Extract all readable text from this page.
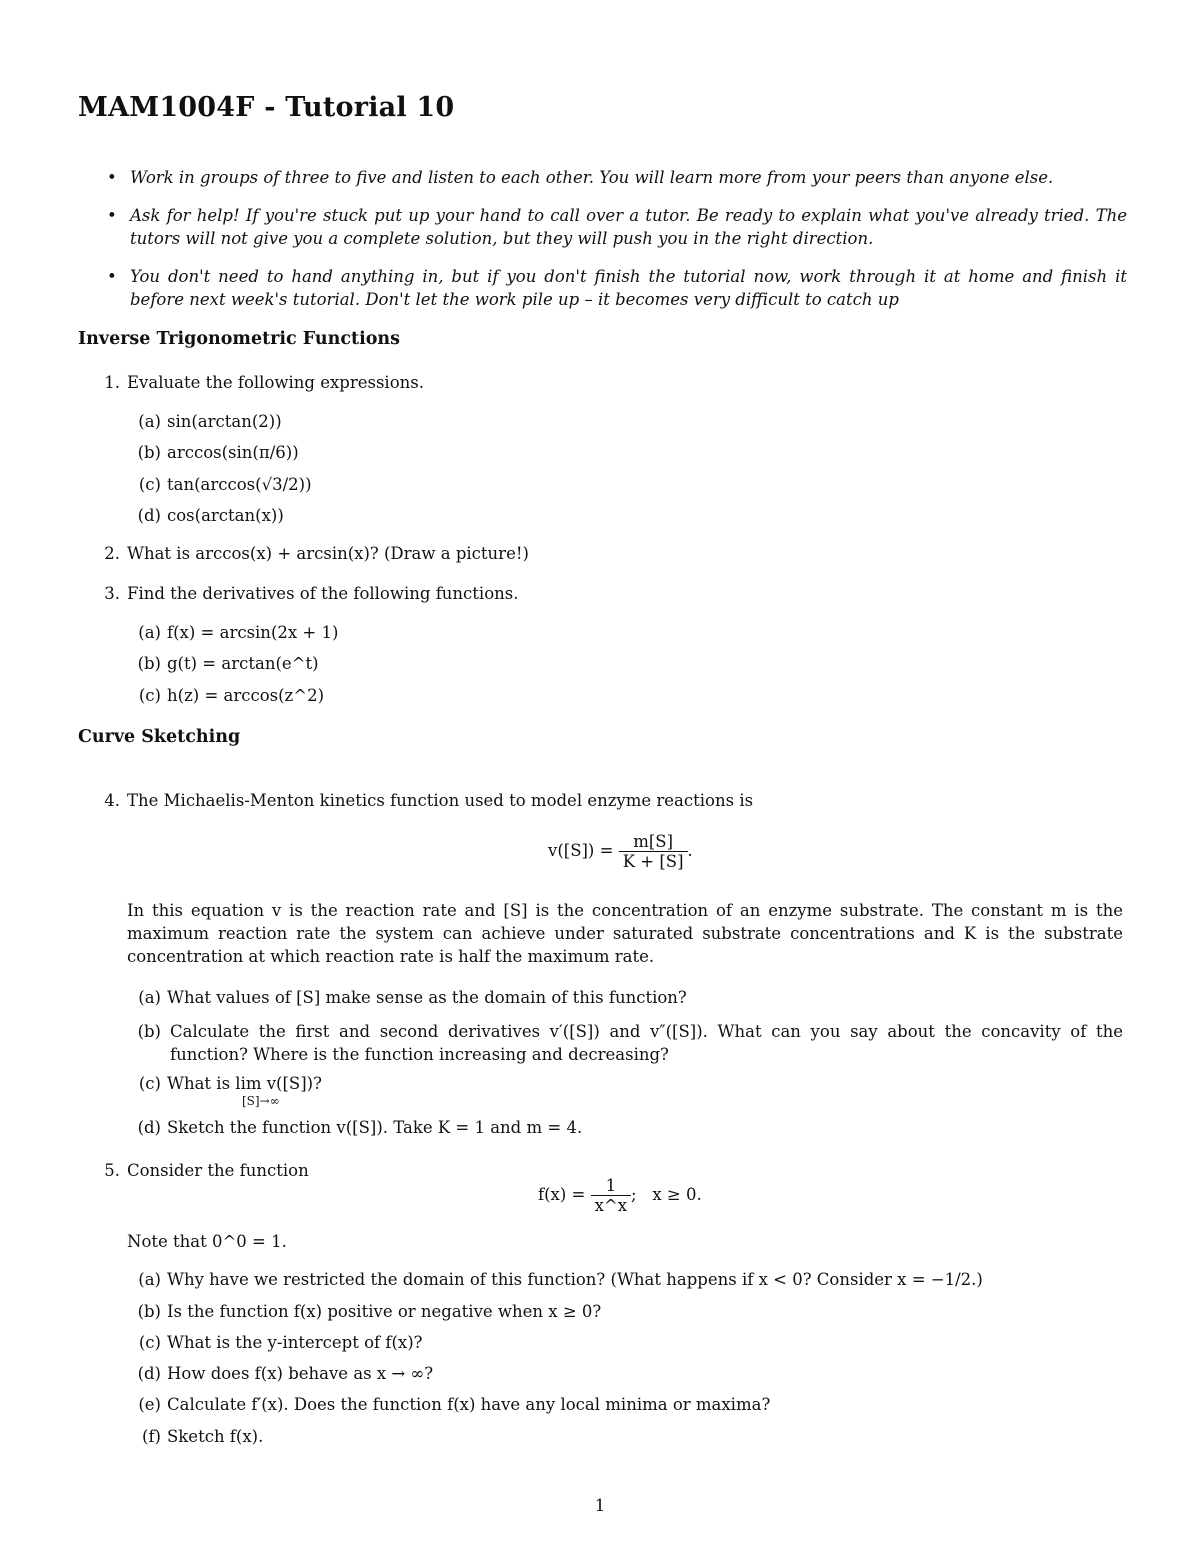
MAM1004F - Tutorial 10
• Work in groups of three to five and listen to each other. You will learn more from your peers than anyone else.
• Ask for help! If you're stuck put up your hand to call over a tutor. Be ready to explain what you've already tried. The tutors will not give you a complete solution, but they will push you in the right direction.
• You don't need to hand anything in, but if you don't finish the tutorial now, work through it at home and finish it before next week's tutorial. Don't let the work pile up – it becomes very difficult to catch up
Inverse Trigonometric Functions
1. Evaluate the following expressions.
(a) sin(arctan(2))
(b) arccos(sin(π/6))
(c) tan(arccos(√3/2))
(d) cos(arctan(x))
2. What is arccos(x) + arcsin(x)? (Draw a picture!)
3. Find the derivatives of the following functions.
(a) f(x) = arcsin(2x + 1)
(b) g(t) = arctan(e^t)
(c) h(z) = arccos(z^2)
Curve Sketching
4. The Michaelis-Menton kinetics function used to model enzyme reactions is
$v([S]) = \frac{m[S]}{K + [S]}$ .
In this equation v is the reaction rate and [S] is the concentration of an enzyme substrate. The constant m is the maximum reaction rate the system can achieve under saturated substrate concentrations and K is the substrate concentration at which reaction rate is half the maximum rate.
(a) What values of [S] make sense as the domain of this function?
(b) Calculate the first and second derivatives v′([S]) and v″([S]). What can you say about the concavity of the function? Where is the function increasing and decreasing?
(c) What is lim v([S])?
[S]→∞
(d) Sketch the function v([S]). Take K = 1 and m = 4.
5. Consider the function
$f(x) = \frac{1}{x\^{}x}$ ;   x ≥ 0.
Note that 0^0 = 1.
(a) Why have we restricted the domain of this function? (What happens if x < 0? Consider x = −1/2.)
(b) Is the function f(x) positive or negative when x ≥ 0?
(c) What is the y-intercept of f(x)?
(d) How does f(x) behave as x → ∞?
(e) Calculate f′(x). Does the function f(x) have any local minima or maxima?
(f) Sketch f(x).
1
